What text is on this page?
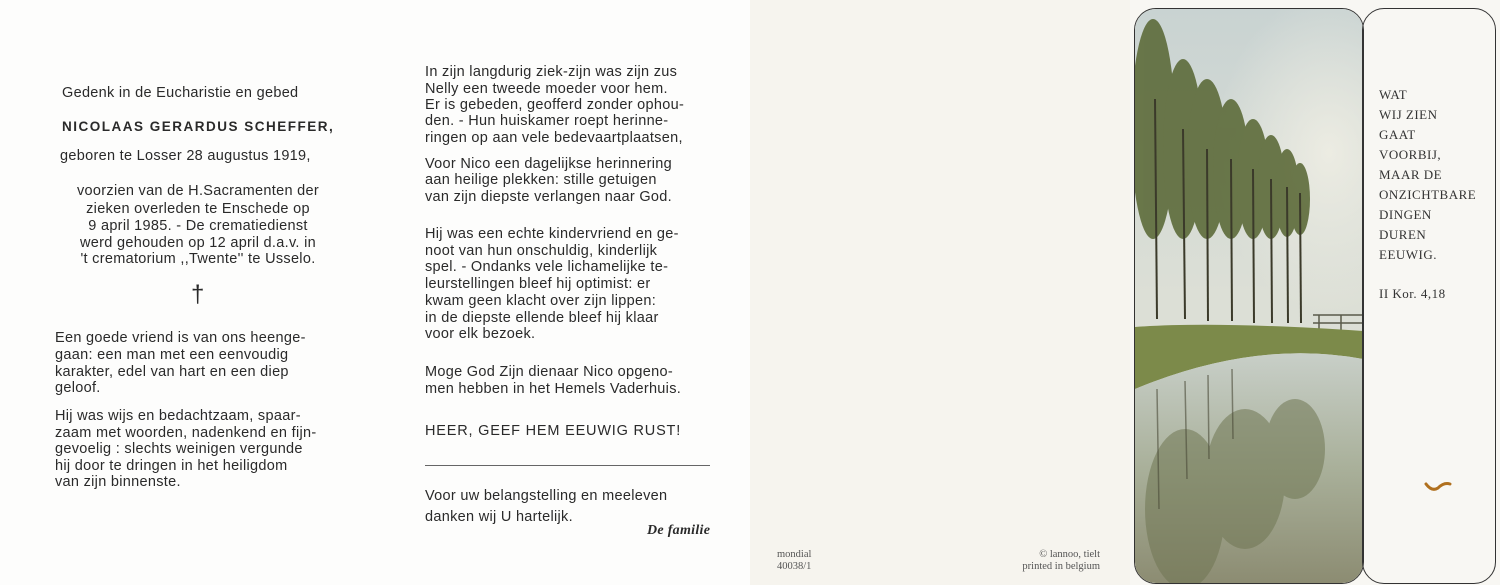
Gedenk in de Eucharistie en gebed
NICOLAAS GERARDUS SCHEFFER,
geboren te Losser 28 augustus 1919,
voorzien van de H.Sacramenten der
zieken overleden te Enschede op
9 april 1985. - De crematiedienst
werd gehouden op 12 april d.a.v. in
't crematorium ,,Twente'' te Usselo.
†
Een goede vriend is van ons heenge-
gaan: een man met een eenvoudig
karakter, edel van hart en een diep
geloof.
Hij was wijs en bedachtzaam, spaar-
zaam met woorden, nadenkend en fijn-
gevoelig : slechts weinigen vergunde
hij door te dringen in het heiligdom
van zijn binnenste.
In zijn langdurig ziek-zijn was zijn zus
Nelly een tweede moeder voor hem.
Er is gebeden, geofferd zonder ophou-
den. - Hun huiskamer roept herinne-
ringen op aan vele bedevaartplaatsen,
Voor Nico een dagelijkse herinnering
aan heilige plekken: stille getuigen
van zijn diepste verlangen naar God.
Hij was een echte kindervriend en ge-
noot van hun onschuldig, kinderlijk
spel. - Ondanks vele lichamelijke te-
leurstellingen bleef hij optimist: er
kwam geen klacht over zijn lippen:
in de diepste ellende bleef hij klaar
voor elk bezoek.
Moge God Zijn dienaar Nico opgeno-
men hebben in het Hemels Vaderhuis.
HEER, GEEF HEM EEUWIG RUST!
Voor uw belangstelling en meeleven
danken wij U hartelijk.
De familie
mondial
40038/1
© lannoo, tielt
printed in belgium
WAT
WIJ ZIEN
GAAT
VOORBIJ,
MAAR DE
ONZICHTBARE
DINGEN
DUREN
EEUWIG.
II Kor. 4,18
